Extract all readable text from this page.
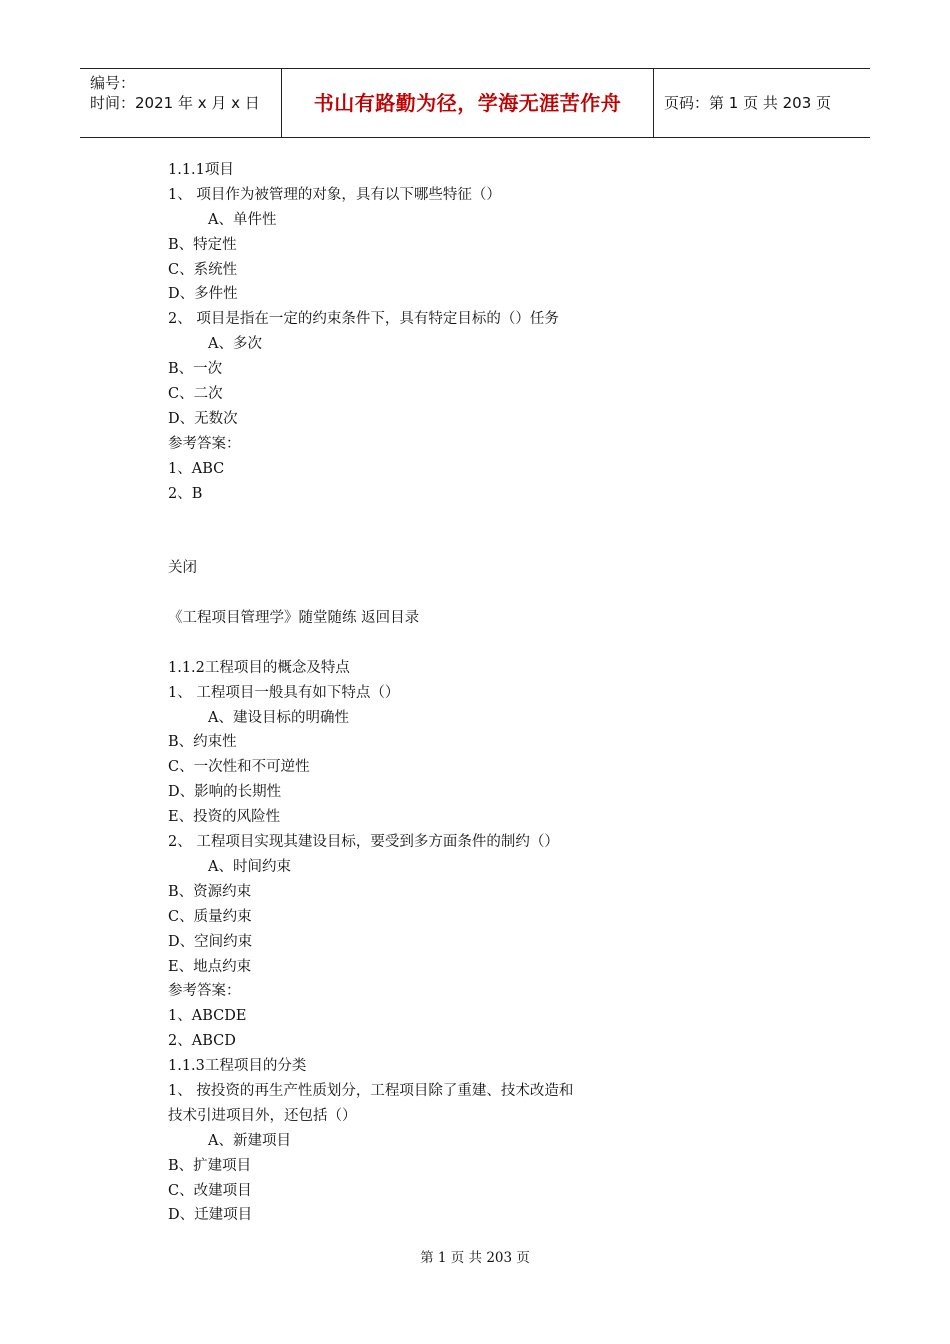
编号：
时间：2021 年 x 月 x 日	书山有路勤为径，学海无涯苦作舟	页码：第 1 页 共 203 页
1.1.1项目
1、 项目作为被管理的对象，具有以下哪些特征（）
A、单件性
B、特定性
C、系统性
D、多件性
2、 项目是指在一定的约束条件下，具有特定目标的（）任务
A、多次
B、一次
C、二次
D、无数次
参考答案：
1、ABC
2、B
关闭
《工程项目管理学》随堂随练 返回目录
1.1.2工程项目的概念及特点
1、 工程项目一般具有如下特点（）
A、建设目标的明确性
B、约束性
C、一次性和不可逆性
D、影响的长期性
E、投资的风险性
2、 工程项目实现其建设目标，要受到多方面条件的制约（）
A、时间约束
B、资源约束
C、质量约束
D、空间约束
E、地点约束
参考答案：
1、ABCDE
2、ABCD
1.1.3工程项目的分类
1、 按投资的再生产性质划分，工程项目除了重建、技术改造和
技术引进项目外，还包括（）
A、新建项目
B、扩建项目
C、改建项目
D、迁建项目
第 1 页 共 203 页
